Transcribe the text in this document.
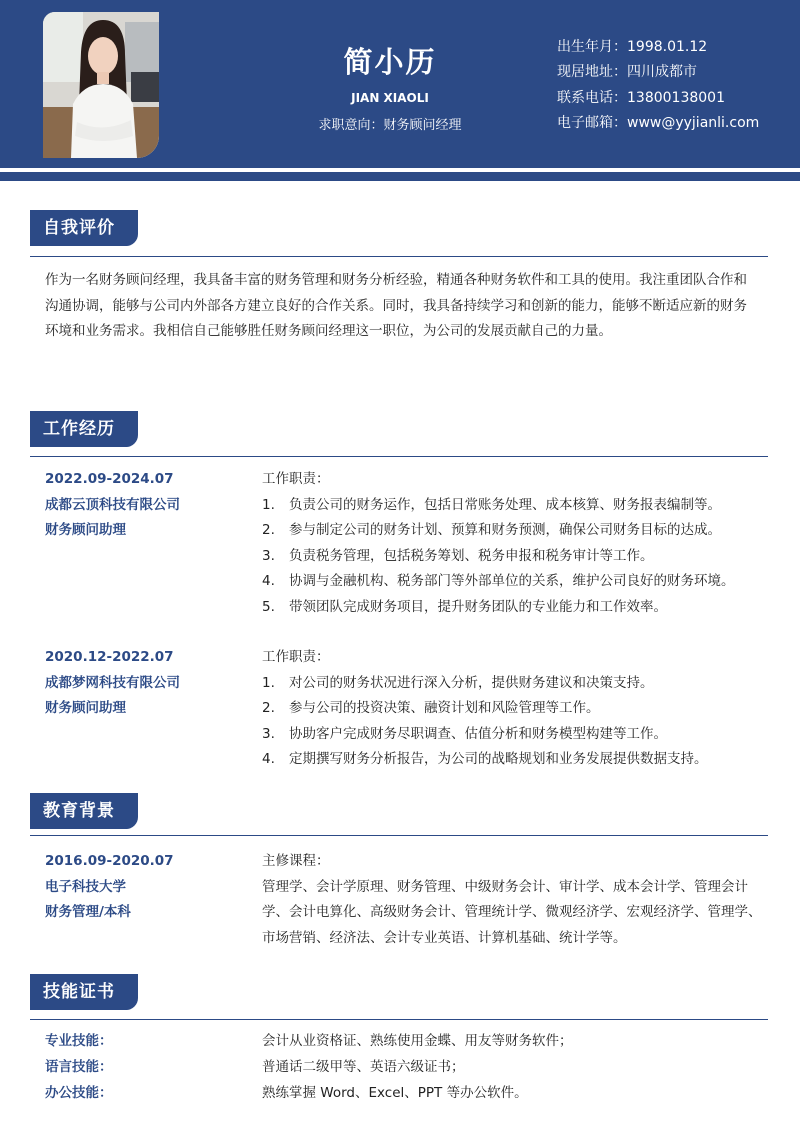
简小历
JIAN XIAOLI
求职意向：财务顾问经理
出生年月：1998.01.12
现居地址：四川成都市
联系电话：13800138001
电子邮箱：www@yyjianli.com
自我评价
作为一名财务顾问经理，我具备丰富的财务管理和财务分析经验，精通各种财务软件和工具的使用。我注重团队合作和沟通协调，能够与公司内外部各方建立良好的合作关系。同时，我具备持续学习和创新的能力，能够不断适应新的财务环境和业务需求。我相信自己能够胜任财务顾问经理这一职位，为公司的发展贡献自己的力量。
工作经历
2022.09-2024.07
成都云顶科技有限公司
财务顾问助理
工作职责：
1.	负责公司的财务运作，包括日常账务处理、成本核算、财务报表编制等。
2.	参与制定公司的财务计划、预算和财务预测，确保公司财务目标的达成。
3.	负责税务管理，包括税务筹划、税务申报和税务审计等工作。
4.	协调与金融机构、税务部门等外部单位的关系，维护公司良好的财务环境。
5.	带领团队完成财务项目，提升财务团队的专业能力和工作效率。
2020.12-2022.07
成都梦网科技有限公司
财务顾问助理
工作职责：
1.	对公司的财务状况进行深入分析，提供财务建议和决策支持。
2.	参与公司的投资决策、融资计划和风险管理等工作。
3.	协助客户完成财务尽职调查、估值分析和财务模型构建等工作。
4.	定期撰写财务分析报告，为公司的战略规划和业务发展提供数据支持。
教育背景
2016.09-2020.07
电子科技大学
财务管理/本科
主修课程：
管理学、会计学原理、财务管理、中级财务会计、审计学、成本会计学、管理会计学、会计电算化、高级财务会计、管理统计学、微观经济学、宏观经济学、管理学、市场营销、经济法、会计专业英语、计算机基础、统计学等。
技能证书
专业技能：	会计从业资格证、熟练使用金蝶、用友等财务软件；
语言技能：	普通话二级甲等、英语六级证书；
办公技能：	熟练掌握 Word、Excel、PPT 等办公软件。
